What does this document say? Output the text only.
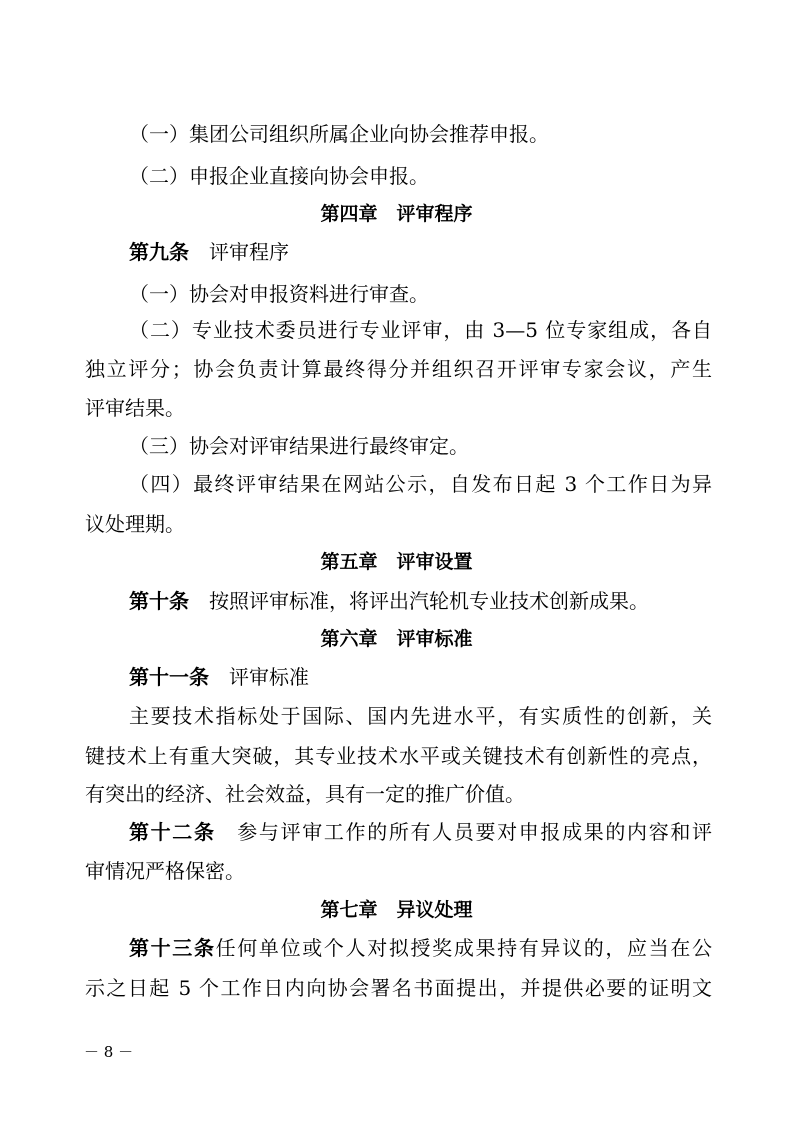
（一）集团公司组织所属企业向协会推荐申报。
（二）申报企业直接向协会申报。
第四章　评审程序
第九条　评审程序
（一）协会对申报资料进行审查。
（二）专业技术委员进行专业评审，由 3—5 位专家组成，各自
独立评分；协会负责计算最终得分并组织召开评审专家会议，产生
评审结果。
（三）协会对评审结果进行最终审定。
（四）最终评审结果在网站公示，自发布日起 3 个工作日为异
议处理期。
第五章　评审设置
第十条　按照评审标准，将评出汽轮机专业技术创新成果。
第六章　评审标准
第十一条　评审标准
主要技术指标处于国际、国内先进水平，有实质性的创新，关
键技术上有重大突破，其专业技术水平或关键技术有创新性的亮点，
有突出的经济、社会效益，具有一定的推广价值。
第十二条　参与评审工作的所有人员要对申报成果的内容和评
审情况严格保密。
第七章　异议处理
第十三条任何单位或个人对拟授奖成果持有异议的，应当在公
示之日起 5 个工作日内向协会署名书面提出，并提供必要的证明文
－ 8 －
